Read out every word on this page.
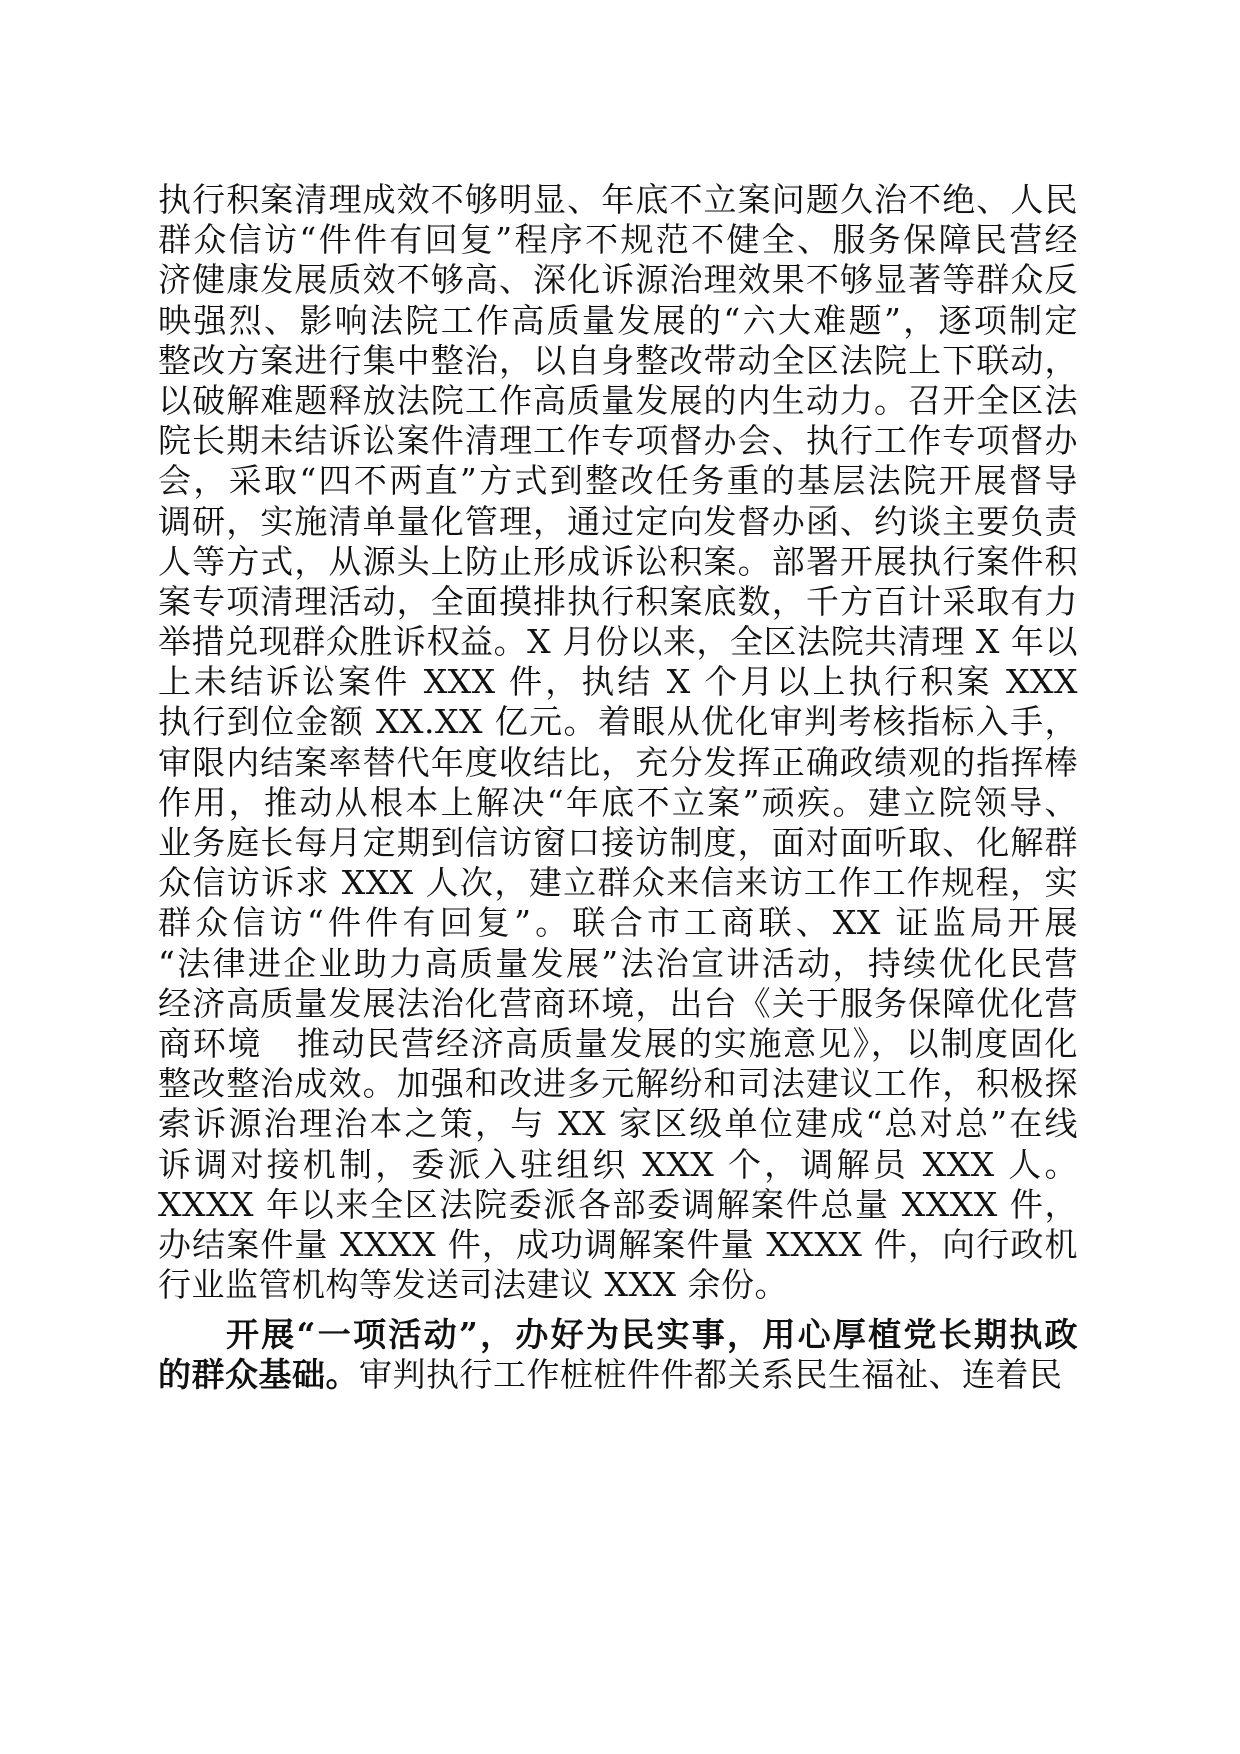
执行积案清理成效不够明显、年底不立案问题久治不绝、人民
群众信访“件件有回复”程序不规范不健全、服务保障民营经
济健康发展质效不够高、深化诉源治理效果不够显著等群众反
映强烈、影响法院工作高质量发展的“六大难题”，逐项制定
整改方案进行集中整治，以自身整改带动全区法院上下联动，
以破解难题释放法院工作高质量发展的内生动力。召开全区法
院长期未结诉讼案件清理工作专项督办会、执行工作专项督办
会，采取“四不两直”方式到整改任务重的基层法院开展督导
调研，实施清单量化管理，通过定向发督办函、约谈主要负责
人等方式，从源头上防止形成诉讼积案。部署开展执行案件积
案专项清理活动，全面摸排执行积案底数，千方百计采取有力
举措兑现群众胜诉权益。X 月份以来，全区法院共清理 X 年以
上未结诉讼案件 XXX 件，执结 X 个月以上执行积案 XXX
执行到位金额 XX.XX 亿元。着眼从优化审判考核指标入手，
审限内结案率替代年度收结比，充分发挥正确政绩观的指挥棒
作用，推动从根本上解决“年底不立案”顽疾。建立院领导、
业务庭长每月定期到信访窗口接访制度，面对面听取、化解群
众信访诉求 XXX 人次，建立群众来信来访工作工作规程，实
群众信访“件件有回复”。联合市工商联、XX 证监局开展
“法律进企业助力高质量发展”法治宣讲活动，持续优化民营
经济高质量发展法治化营商环境，出台《关于服务保障优化营
商环境　推动民营经济高质量发展的实施意见》，以制度固化
整改整治成效。加强和改进多元解纷和司法建议工作，积极探
索诉源治理治本之策，与 XX 家区级单位建成“总对总”在线
诉调对接机制，委派入驻组织 XXX 个，调解员 XXX 人。
XXXX 年以来全区法院委派各部委调解案件总量 XXXX 件，
办结案件量 XXXX 件，成功调解案件量 XXXX 件，向行政机
行业监管机构等发送司法建议 XXX 余份。
开展“一项活动”，办好为民实事，用心厚植党长期执政
的群众基础。审判执行工作桩桩件件都关系民生福祉、连着民
